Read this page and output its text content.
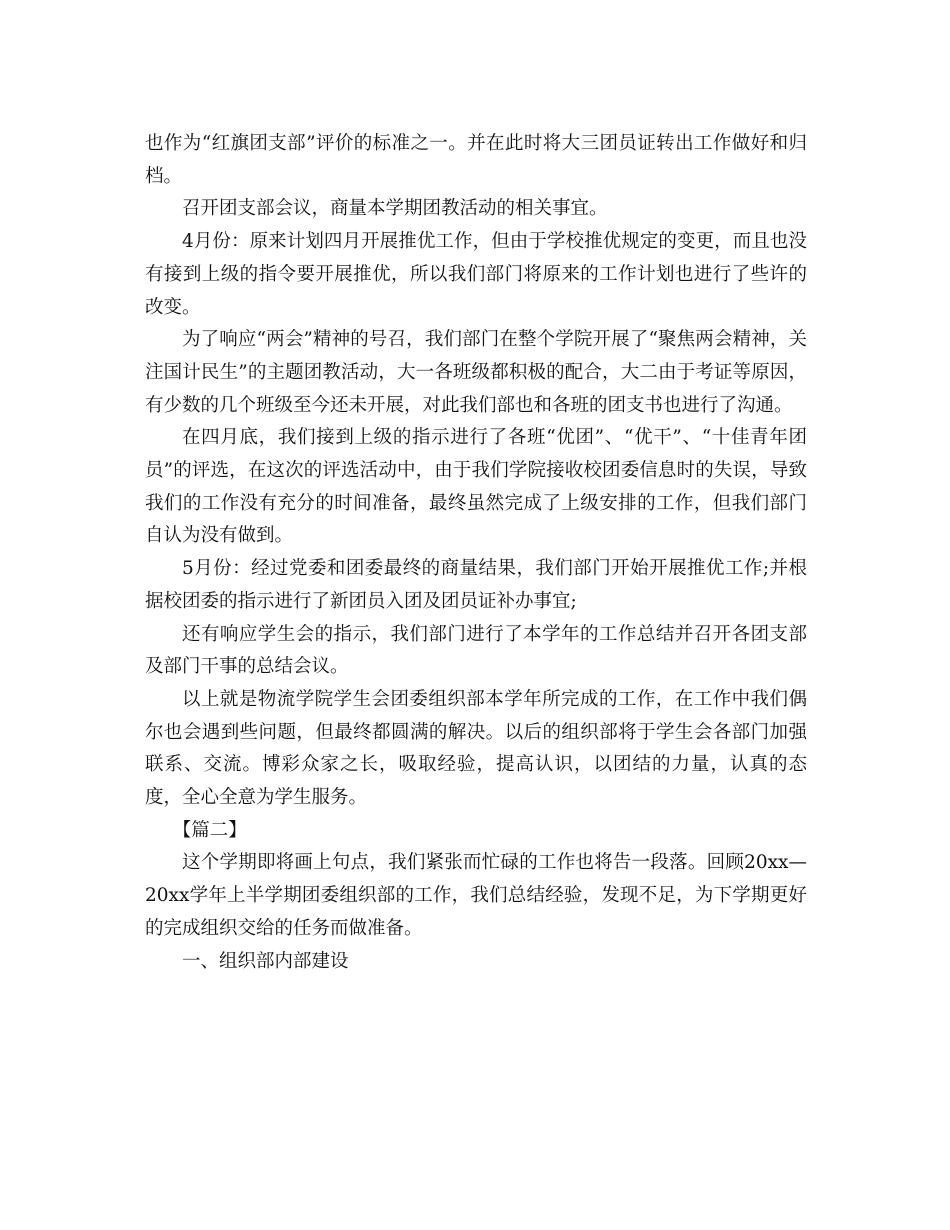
也作为“红旗团支部”评价的标准之一。并在此时将大三团员证转出工作做好和归档。

召开团支部会议，商量本学期团教活动的相关事宜。

4月份：原来计划四月开展推优工作，但由于学校推优规定的变更，而且也没有接到上级的指令要开展推优，所以我们部门将原来的工作计划也进行了些许的改变。

为了响应“两会”精神的号召，我们部门在整个学院开展了“聚焦两会精神，关注国计民生”的主题团教活动，大一各班级都积极的配合，大二由于考证等原因，有少数的几个班级至今还未开展，对此我们部也和各班的团支书也进行了沟通。

在四月底，我们接到上级的指示进行了各班“优团”、“优干”、“十佳青年团员”的评选，在这次的评选活动中，由于我们学院接收校团委信息时的失误，导致我们的工作没有充分的时间准备，最终虽然完成了上级安排的工作，但我们部门自认为没有做到。

5月份：经过党委和团委最终的商量结果，我们部门开始开展推优工作;并根据校团委的指示进行了新团员入团及团员证补办事宜;

还有响应学生会的指示，我们部门进行了本学年的工作总结并召开各团支部及部门干事的总结会议。

以上就是物流学院学生会团委组织部本学年所完成的工作，在工作中我们偶尔也会遇到些问题，但最终都圆满的解决。以后的组织部将于学生会各部门加强联系、交流。博彩众家之长，吸取经验，提高认识，以团结的力量，认真的态度，全心全意为学生服务。

【篇二】

这个学期即将画上句点，我们紧张而忙碌的工作也将告一段落。回顾20xx—20xx学年上半学期团委组织部的工作，我们总结经验，发现不足，为下学期更好的完成组织交给的任务而做准备。

一、组织部内部建设
